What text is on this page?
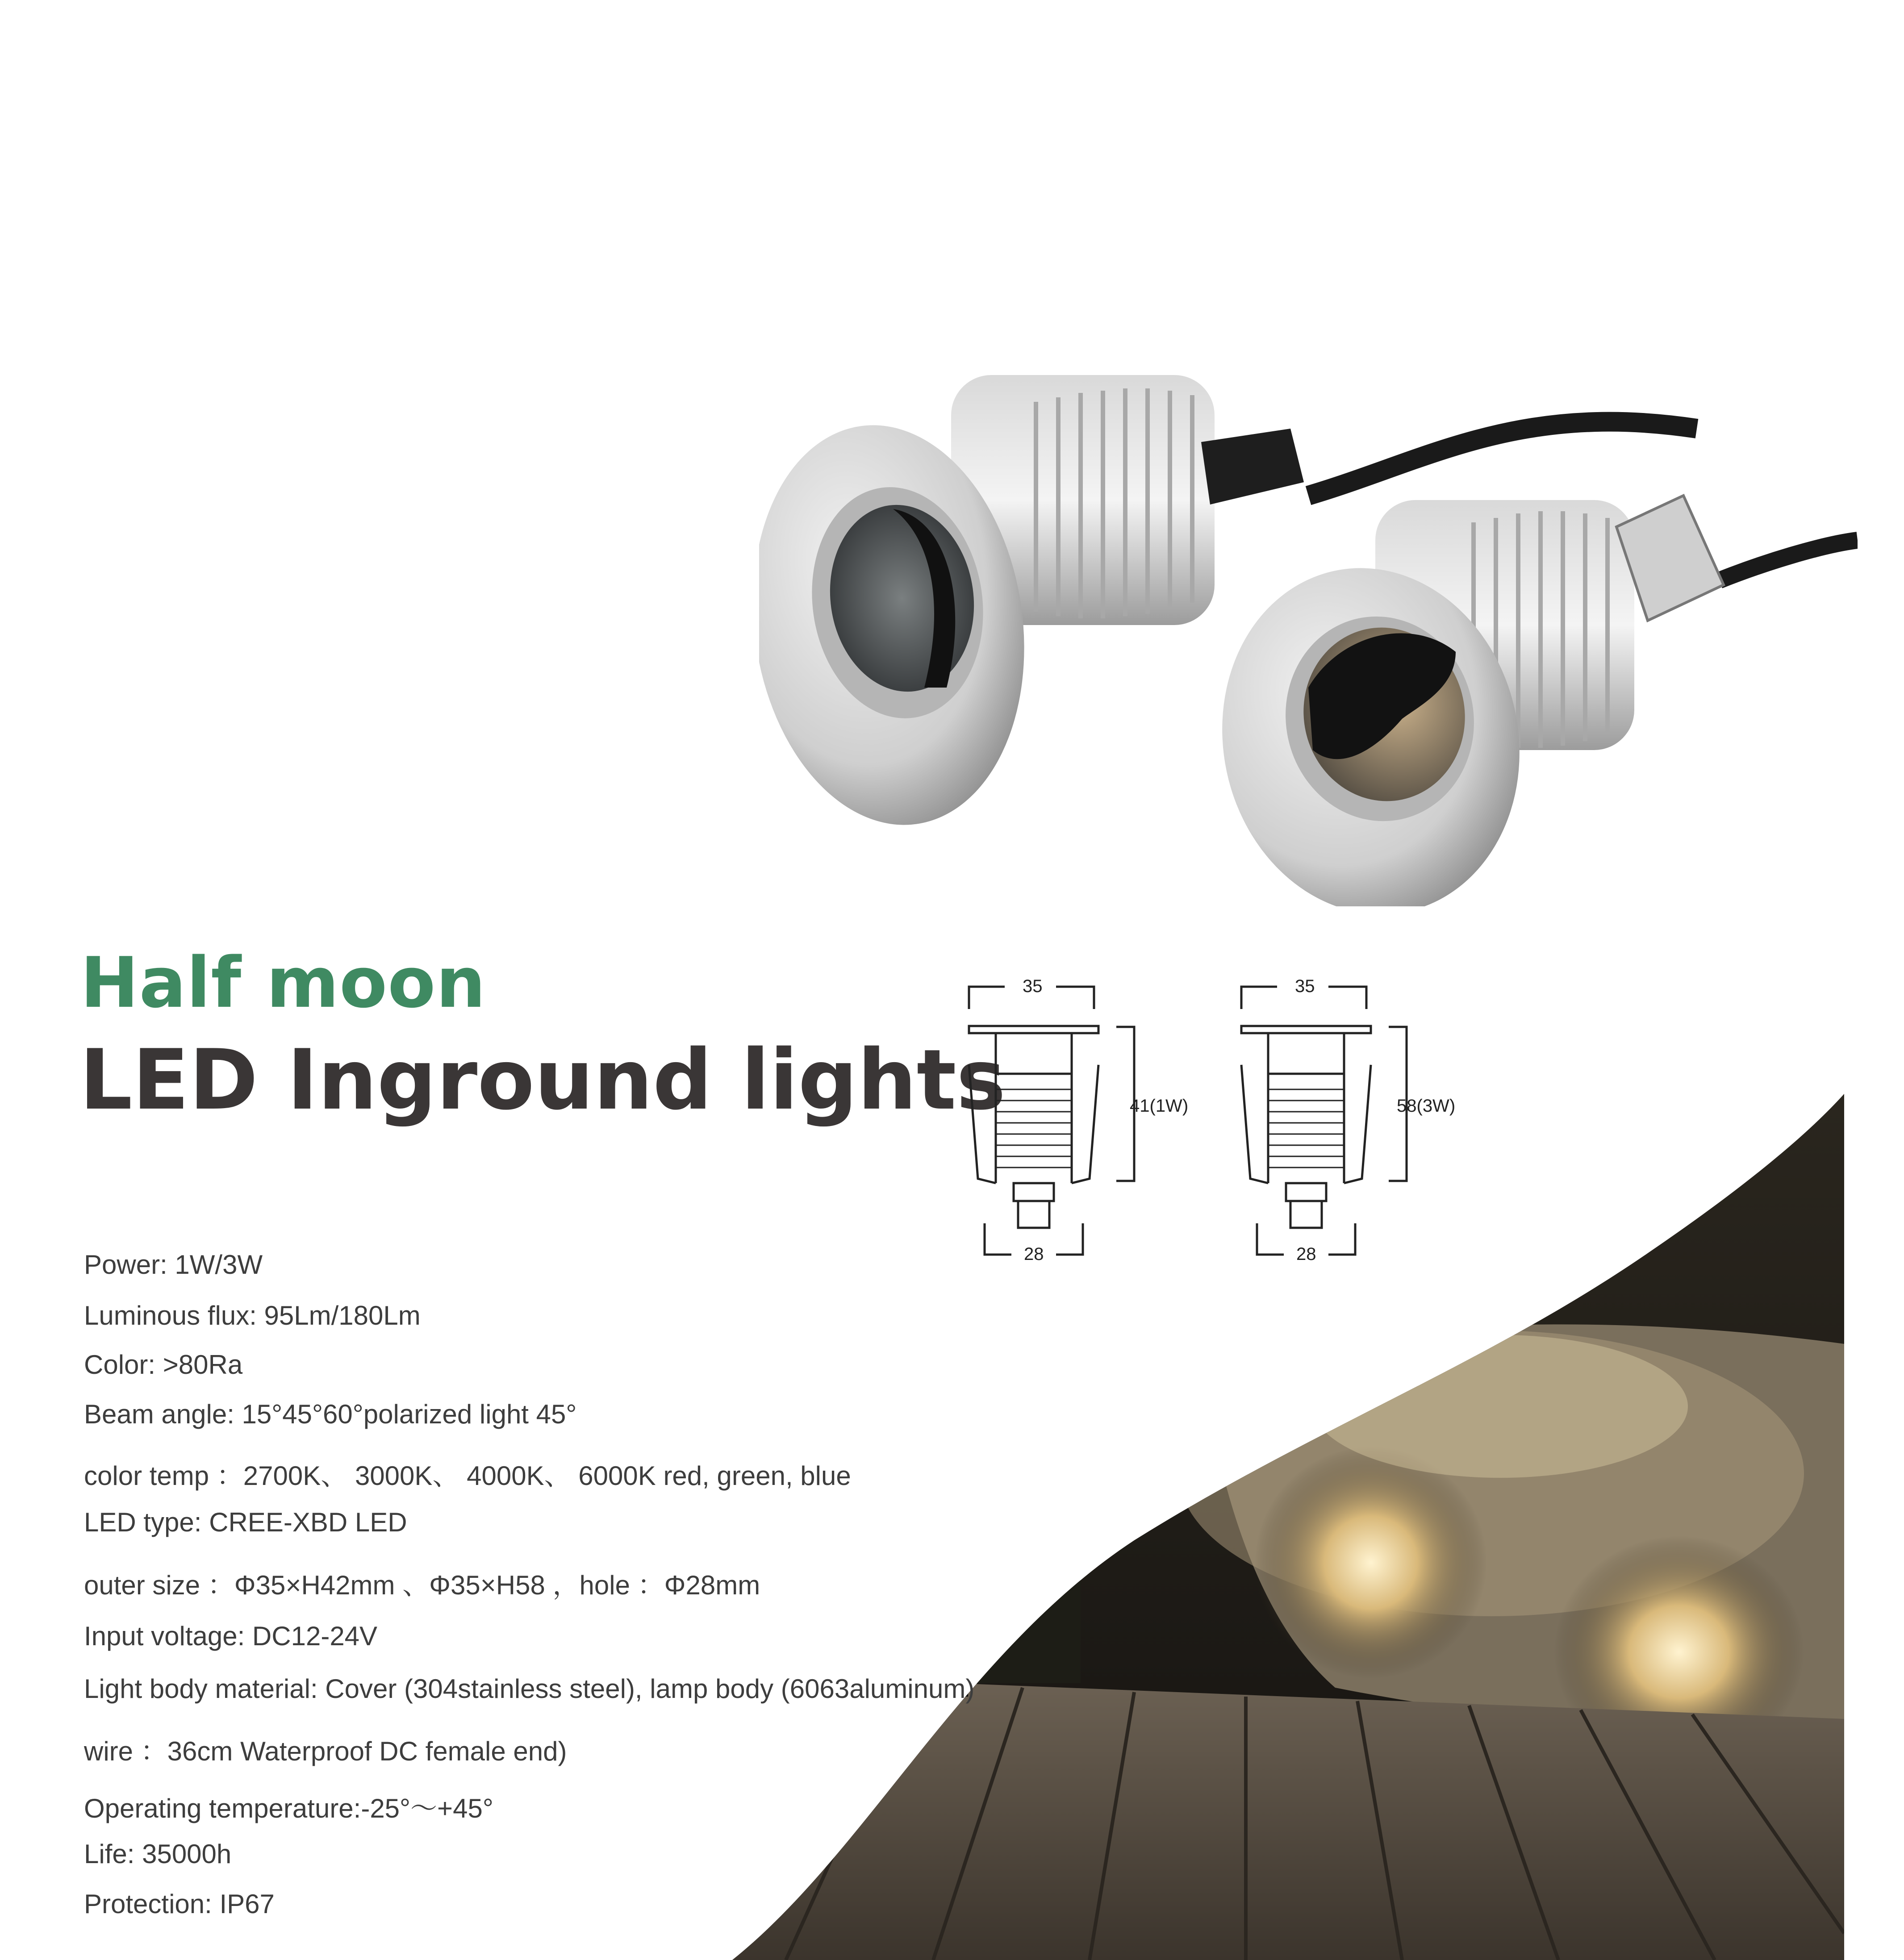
Half moon
LED Inground lights
35
41(1W)
28
35
58(3W)
28
Power: 1W/3W
Luminous flux: 95Lm/180Lm
Color: >80Ra
Beam angle: 15°45°60°polarized light 45°
color temp ：2700K、 3000K、 4000K、 6000K red, green, blue
LED type: CREE-XBD LED
outer size ：Φ35×H42mm 、Φ35×H58 ，hole ：Φ28mm
Input voltage: DC12-24V
Light body material: Cover (304stainless steel), lamp body (6063aluminum)
wire ：36cm Waterproof DC female end)
Operating temperature:-25°～+45°
Life: 35000h
Protection: IP67
